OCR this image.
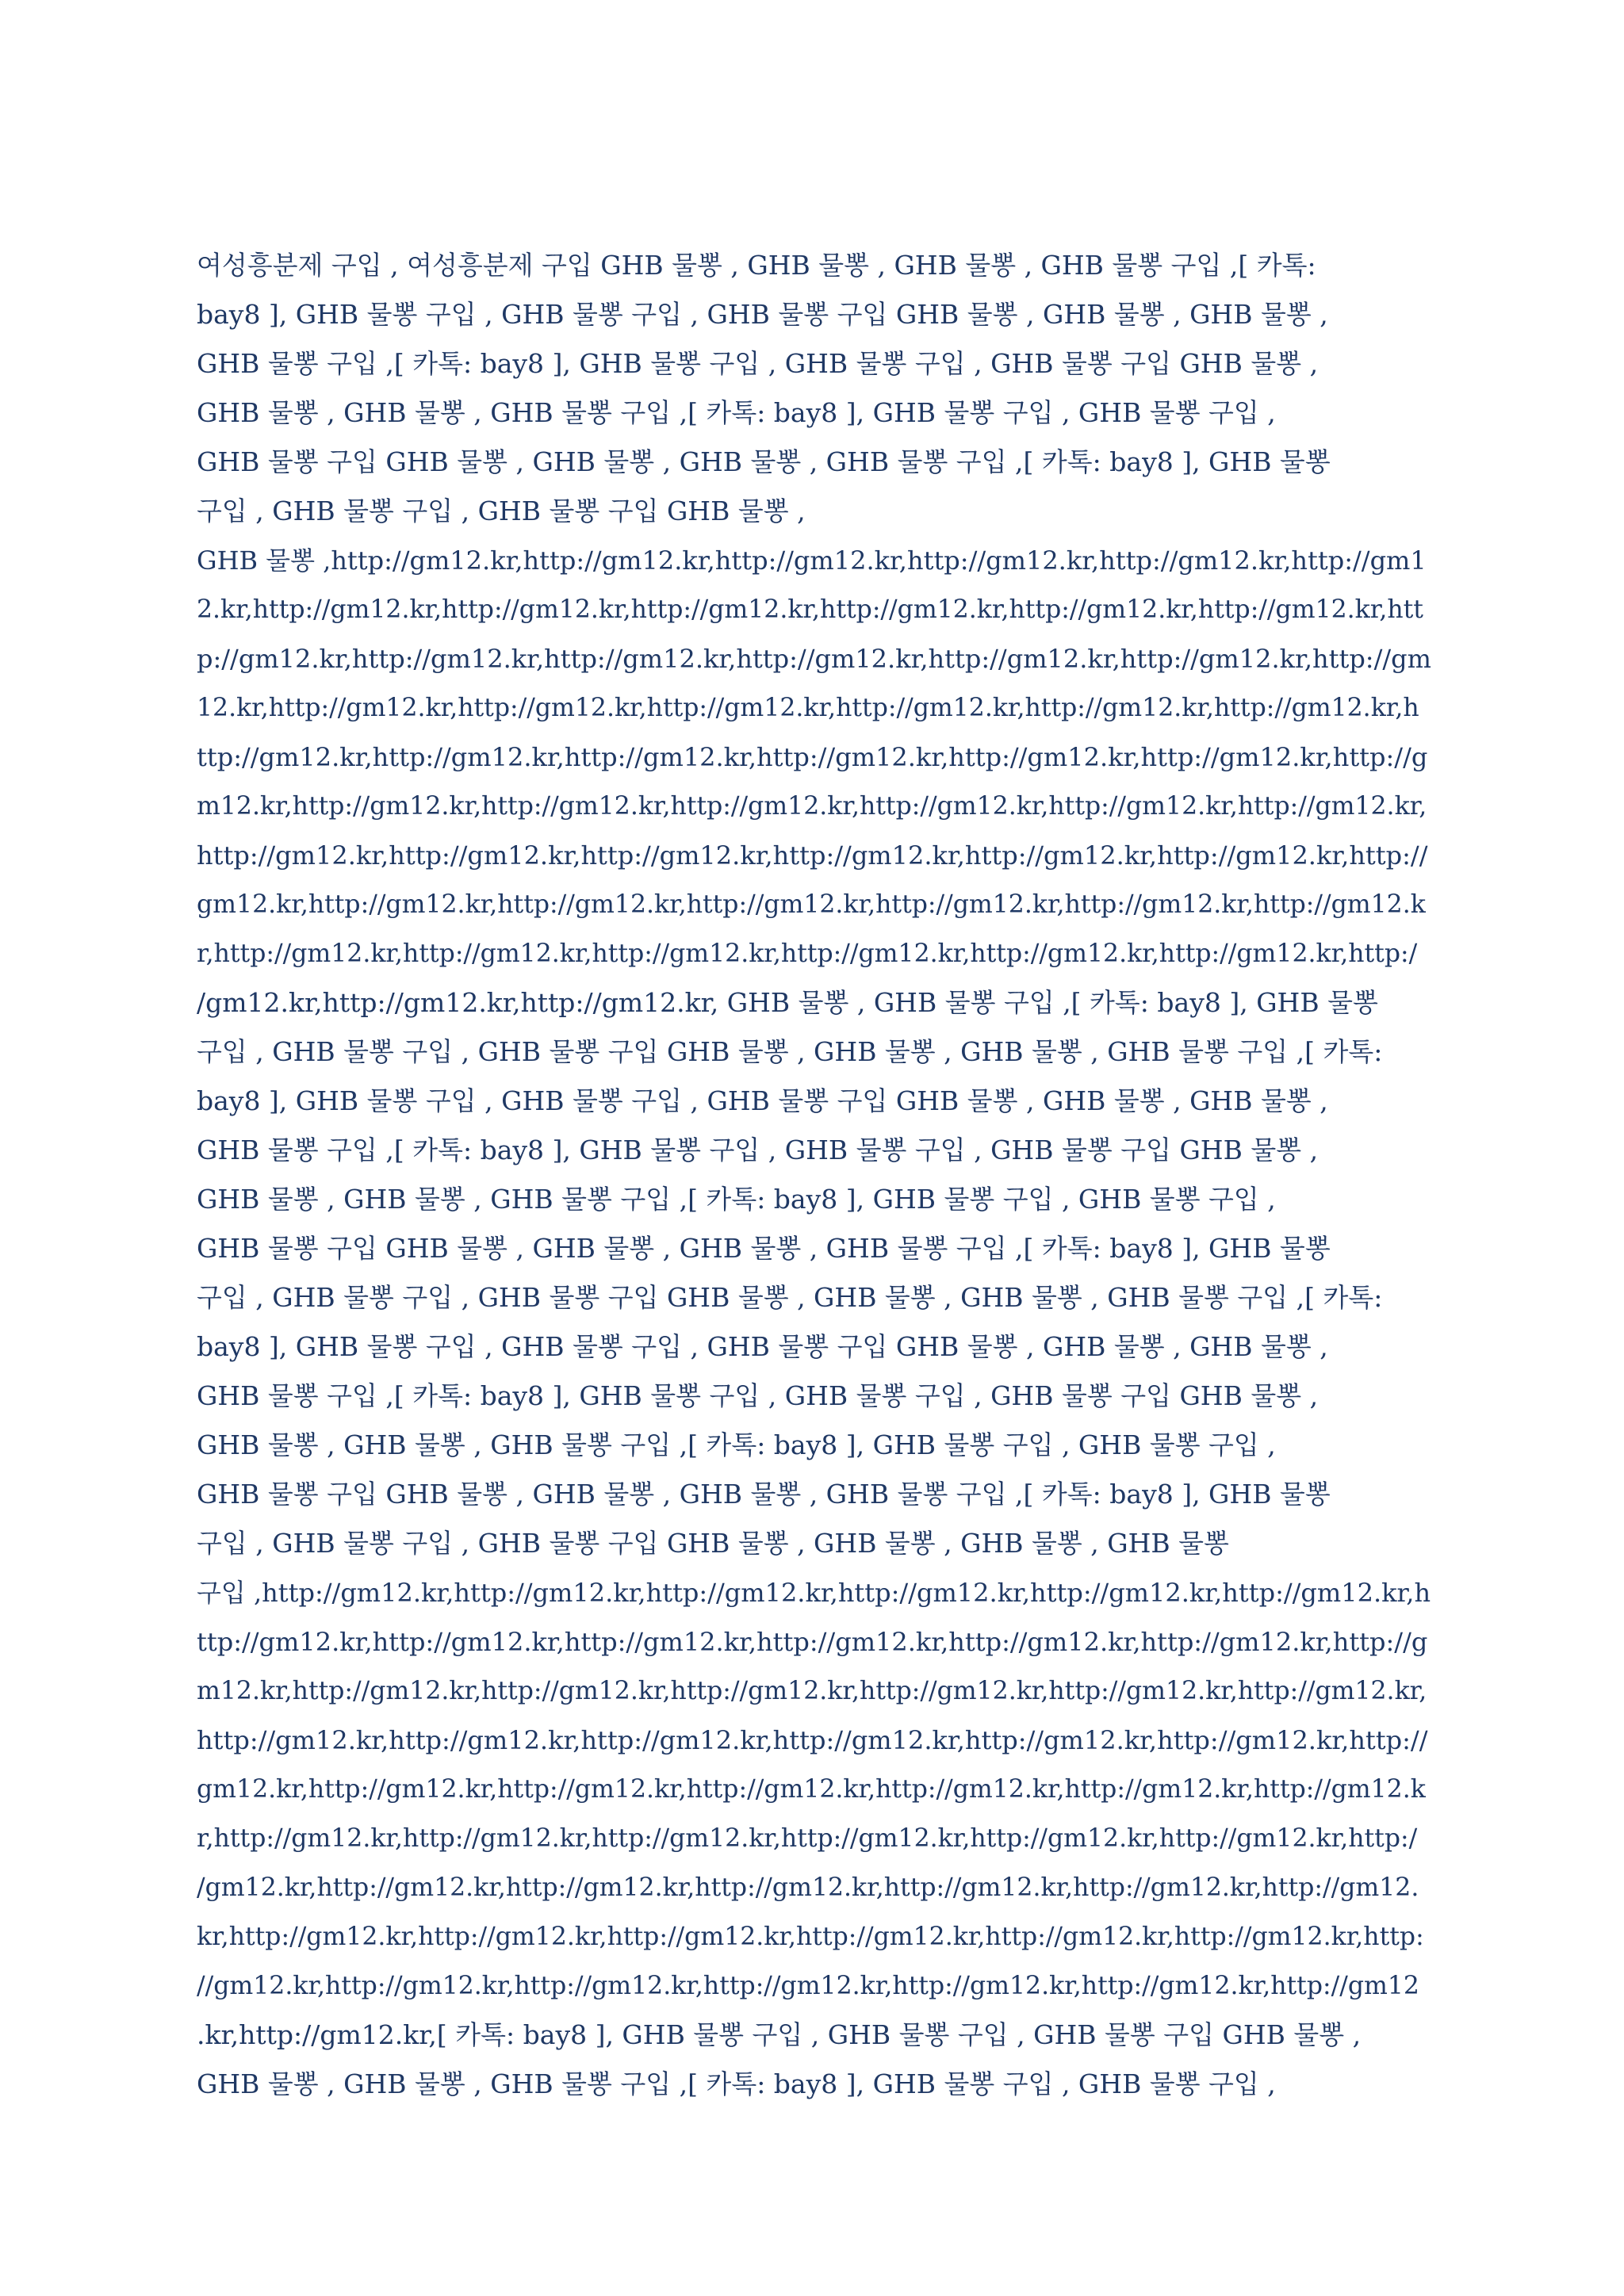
여성흥분제 구입 , 여성흥분제 구입 GHB 물뽕 , GHB 물뽕 , GHB 물뽕 , GHB 물뽕 구입 ,[ 카톡:
bay8 ], GHB 물뽕 구입 , GHB 물뽕 구입 , GHB 물뽕 구입 GHB 물뽕 , GHB 물뽕 , GHB 물뽕 ,
GHB 물뽕 구입 ,[ 카톡: bay8 ], GHB 물뽕 구입 , GHB 물뽕 구입 , GHB 물뽕 구입 GHB 물뽕 ,
GHB 물뽕 , GHB 물뽕 , GHB 물뽕 구입 ,[ 카톡: bay8 ], GHB 물뽕 구입 , GHB 물뽕 구입 ,
GHB 물뽕 구입 GHB 물뽕 , GHB 물뽕 , GHB 물뽕 , GHB 물뽕 구입 ,[ 카톡: bay8 ], GHB 물뽕
구입 , GHB 물뽕 구입 , GHB 물뽕 구입 GHB 물뽕 ,
GHB 물뽕 ,http://gm12.kr,http://gm12.kr,http://gm12.kr,http://gm12.kr,http://gm12.kr,http://gm1
2.kr,http://gm12.kr,http://gm12.kr,http://gm12.kr,http://gm12.kr,http://gm12.kr,http://gm12.kr,htt
p://gm12.kr,http://gm12.kr,http://gm12.kr,http://gm12.kr,http://gm12.kr,http://gm12.kr,http://gm
12.kr,http://gm12.kr,http://gm12.kr,http://gm12.kr,http://gm12.kr,http://gm12.kr,http://gm12.kr,h
ttp://gm12.kr,http://gm12.kr,http://gm12.kr,http://gm12.kr,http://gm12.kr,http://gm12.kr,http://g
m12.kr,http://gm12.kr,http://gm12.kr,http://gm12.kr,http://gm12.kr,http://gm12.kr,http://gm12.kr,
http://gm12.kr,http://gm12.kr,http://gm12.kr,http://gm12.kr,http://gm12.kr,http://gm12.kr,http://
gm12.kr,http://gm12.kr,http://gm12.kr,http://gm12.kr,http://gm12.kr,http://gm12.kr,http://gm12.k
r,http://gm12.kr,http://gm12.kr,http://gm12.kr,http://gm12.kr,http://gm12.kr,http://gm12.kr,http:/
/gm12.kr,http://gm12.kr,http://gm12.kr, GHB 물뽕 , GHB 물뽕 구입 ,[ 카톡: bay8 ], GHB 물뽕
구입 , GHB 물뽕 구입 , GHB 물뽕 구입 GHB 물뽕 , GHB 물뽕 , GHB 물뽕 , GHB 물뽕 구입 ,[ 카톡:
bay8 ], GHB 물뽕 구입 , GHB 물뽕 구입 , GHB 물뽕 구입 GHB 물뽕 , GHB 물뽕 , GHB 물뽕 ,
GHB 물뽕 구입 ,[ 카톡: bay8 ], GHB 물뽕 구입 , GHB 물뽕 구입 , GHB 물뽕 구입 GHB 물뽕 ,
GHB 물뽕 , GHB 물뽕 , GHB 물뽕 구입 ,[ 카톡: bay8 ], GHB 물뽕 구입 , GHB 물뽕 구입 ,
GHB 물뽕 구입 GHB 물뽕 , GHB 물뽕 , GHB 물뽕 , GHB 물뽕 구입 ,[ 카톡: bay8 ], GHB 물뽕
구입 , GHB 물뽕 구입 , GHB 물뽕 구입 GHB 물뽕 , GHB 물뽕 , GHB 물뽕 , GHB 물뽕 구입 ,[ 카톡:
bay8 ], GHB 물뽕 구입 , GHB 물뽕 구입 , GHB 물뽕 구입 GHB 물뽕 , GHB 물뽕 , GHB 물뽕 ,
GHB 물뽕 구입 ,[ 카톡: bay8 ], GHB 물뽕 구입 , GHB 물뽕 구입 , GHB 물뽕 구입 GHB 물뽕 ,
GHB 물뽕 , GHB 물뽕 , GHB 물뽕 구입 ,[ 카톡: bay8 ], GHB 물뽕 구입 , GHB 물뽕 구입 ,
GHB 물뽕 구입 GHB 물뽕 , GHB 물뽕 , GHB 물뽕 , GHB 물뽕 구입 ,[ 카톡: bay8 ], GHB 물뽕
구입 , GHB 물뽕 구입 , GHB 물뽕 구입 GHB 물뽕 , GHB 물뽕 , GHB 물뽕 , GHB 물뽕
구입 ,http://gm12.kr,http://gm12.kr,http://gm12.kr,http://gm12.kr,http://gm12.kr,http://gm12.kr,h
ttp://gm12.kr,http://gm12.kr,http://gm12.kr,http://gm12.kr,http://gm12.kr,http://gm12.kr,http://g
m12.kr,http://gm12.kr,http://gm12.kr,http://gm12.kr,http://gm12.kr,http://gm12.kr,http://gm12.kr,
http://gm12.kr,http://gm12.kr,http://gm12.kr,http://gm12.kr,http://gm12.kr,http://gm12.kr,http://
gm12.kr,http://gm12.kr,http://gm12.kr,http://gm12.kr,http://gm12.kr,http://gm12.kr,http://gm12.k
r,http://gm12.kr,http://gm12.kr,http://gm12.kr,http://gm12.kr,http://gm12.kr,http://gm12.kr,http:/
/gm12.kr,http://gm12.kr,http://gm12.kr,http://gm12.kr,http://gm12.kr,http://gm12.kr,http://gm12.
kr,http://gm12.kr,http://gm12.kr,http://gm12.kr,http://gm12.kr,http://gm12.kr,http://gm12.kr,http:
//gm12.kr,http://gm12.kr,http://gm12.kr,http://gm12.kr,http://gm12.kr,http://gm12.kr,http://gm12
.kr,http://gm12.kr,[ 카톡: bay8 ], GHB 물뽕 구입 , GHB 물뽕 구입 , GHB 물뽕 구입 GHB 물뽕 ,
GHB 물뽕 , GHB 물뽕 , GHB 물뽕 구입 ,[ 카톡: bay8 ], GHB 물뽕 구입 , GHB 물뽕 구입 ,
